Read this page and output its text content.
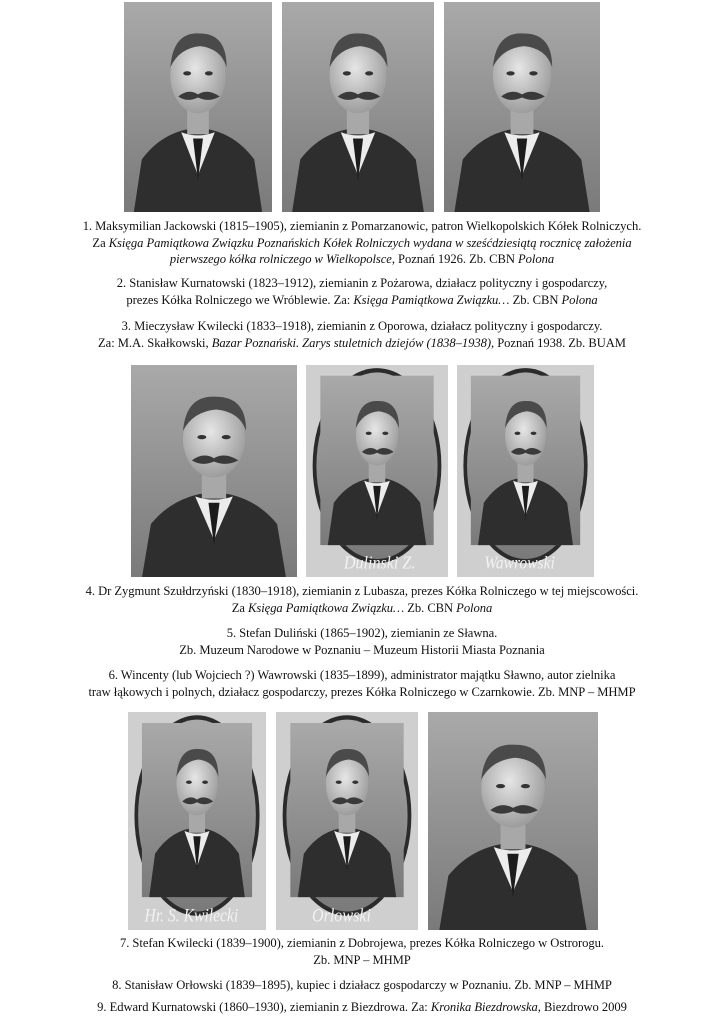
1. Maksymilian Jackowski (1815–1905), ziemianin z Pomarzanowic, patron Wielkopolskich Kółek Rolniczych.
Za Księga Pamiątkowa Związku Poznańskich Kółek Rolniczych wydana w sześćdziesiątą rocznicę założenia
pierwszego kółka rolniczego w Wielkopolsce, Poznań 1926. Zb. CBN Polona
2. Stanisław Kurnatowski (1823–1912), ziemianin z Pożarowa, działacz polityczny i gospodarczy,
prezes Kółka Rolniczego we Wróblewie. Za: Księga Pamiątkowa Związku… Zb. CBN Polona
3. Mieczysław Kwilecki (1833–1918), ziemianin z Oporowa, działacz polityczny i gospodarczy.
Za: M.A. Skałkowski, Bazar Poznański. Zarys stuletnich dziejów (1838–1938), Poznań 1938. Zb. BUAM
Dulinski Z.	Wawrowski
4. Dr Zygmunt Szułdrzyński (1830–1918), ziemianin z Lubasza, prezes Kółka Rolniczego w tej miejscowości.
Za Księga Pamiątkowa Związku… Zb. CBN Polona
5. Stefan Duliński (1865–1902), ziemianin ze Sławna.
Zb. Muzeum Narodowe w Poznaniu – Muzeum Historii Miasta Poznania
6. Wincenty (lub Wojciech ?) Wawrowski (1835–1899), administrator majątku Sławno, autor zielnika
traw łąkowych i polnych, działacz gospodarczy, prezes Kółka Rolniczego w Czarnkowie. Zb. MNP – MHMP
Hr. S. Kwilecki	Orlowski
7. Stefan Kwilecki (1839–1900), ziemianin z Dobrojewa, prezes Kółka Rolniczego w Ostrorogu.
Zb. MNP – MHMP
8. Stanisław Orłowski (1839–1895), kupiec i działacz gospodarczy w Poznaniu. Zb. MNP – MHMP
9. Edward Kurnatowski (1860–1930), ziemianin z Biezdrowa. Za: Kronika Biezdrowska, Biezdrowo 2009
